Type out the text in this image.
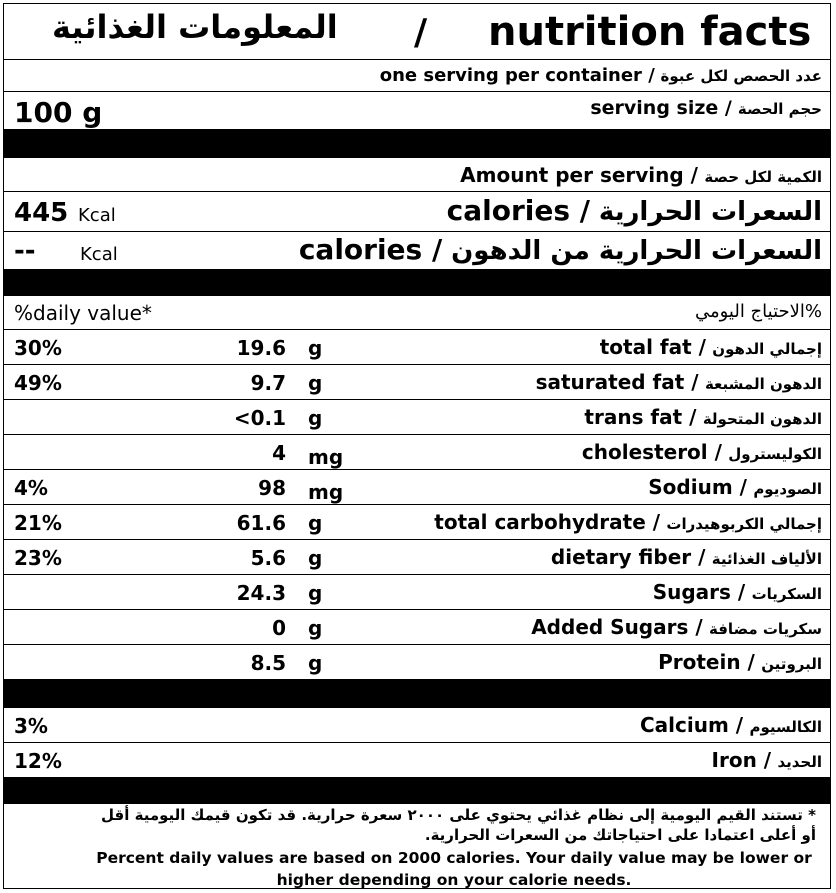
المعلومات الغذائية / nutrition facts
one serving per container / عدد الحصص لكل عبوة
100 g	serving size / حجم الحصة
Amount per serving / الكمية لكل حصة
445 Kcal	calories / السعرات الحرارية
-- Kcal	calories / السعرات الحرارية من الدهون
%daily value*	%الاحتياج اليومي
30%	19.6 g	total fat / إجمالي الدهون
49%	9.7 g	saturated fat / الدهون المشبعة
<0.1 g	trans fat / الدهون المتحولة
4 mg	cholesterol / الكوليسترول
4%	98 mg	Sodium / الصوديوم
21%	61.6 g	total carbohydrate / إجمالي الكربوهيدرات
23%	5.6 g	dietary fiber / الألياف الغذائية
24.3 g	Sugars / السكريات
0 g	Added Sugars / سكريات مضافة
8.5 g	Protein / البروتين
3%	Calcium / الكالسيوم
12%	Iron / الحديد
* تستند القيم اليومية إلى نظام غذائي يحتوي على ٢٠٠٠ سعرة حرارية. قد تكون قيمك اليومية أقل أو أعلى اعتمادا على احتياجاتك من السعرات الحرارية.
Percent daily values are based on 2000 calories. Your daily value may be lower or higher depending on your calorie needs.
